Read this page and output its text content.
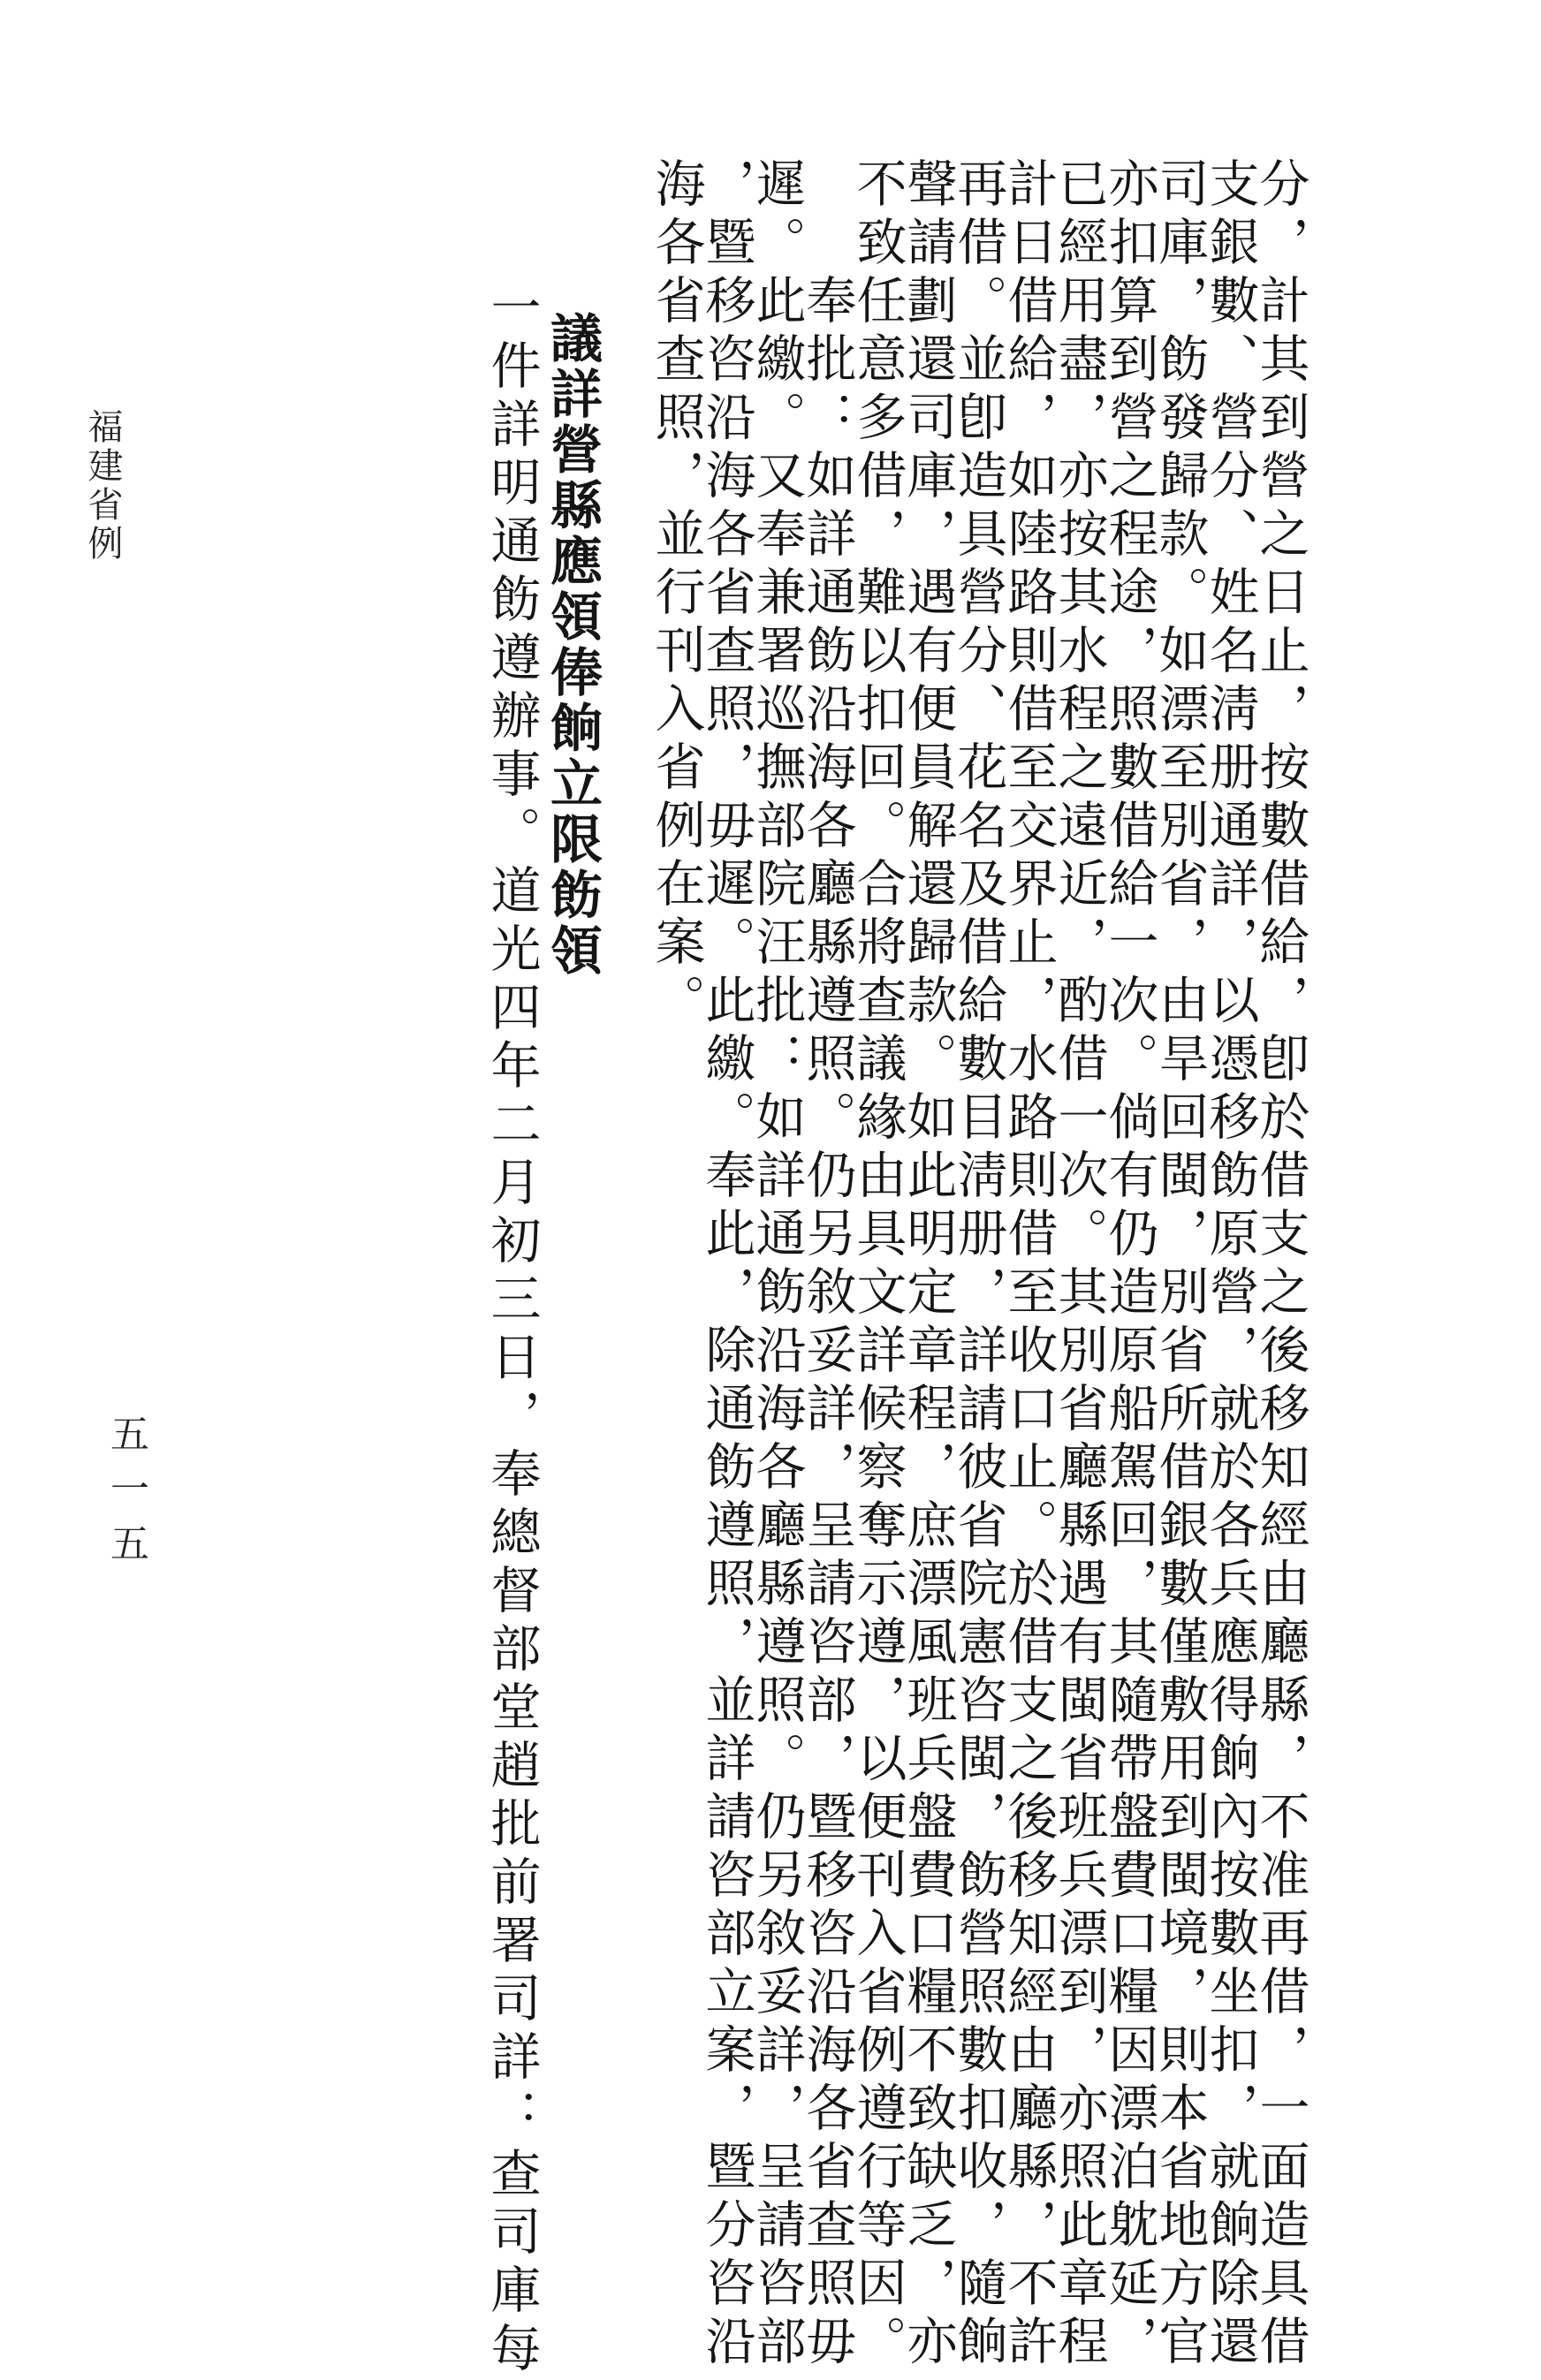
分，計其到營之日止，按數借給，卽於借支之後移知經由廳縣，不准再借，一面造具借
支銀數、營分、姓名淸册通詳，以憑移飭原營，就於各兵應得餉內按數坐扣，就餉除還
司庫，飭發歸款。如漂至別省，由旱回閩，別省所借銀數僅敷用到閩境，則本省地方官
亦扣算到營之程途，照數借給一次。倘有仍造原船駕回，其隨帶盤費口糧因漂泊躭延，
已經用盡，亦按其水程之遠近，酌借一次。其別省廳縣遇有閩省班兵漂到，亦照此章程
計日借給，如陸路則借至交界止，水路則借至收口止。於借支之後移知經由廳縣，不許
再借。並卽造具營分、花名及借給數目淸册，詳請彼省院憲咨閩，飭營照數扣收，隨餉
聲請劃還司庫，遇有便員解還歸款。如此明定章程，庶漂風班兵盤費口糧不致缺乏，亦
不致任意多借，難以扣回。合將查議緣由具文詳候察奪示遵，以便刊入省例遵行等因。
奉批：如詳通飭沿海各廳縣遵照。仍另敘妥詳，呈請咨部，暨移咨沿海各省查照毋
遲。此繳。又奉兼署巡撫部院汪批：如詳通飭沿海各廳縣遵照。仍另敘妥詳，呈請咨部
，暨移咨沿海各省查照，毋遲。此繳。奉此，除通飭遵照，並詳請咨部立案，暨分咨沿
海各省查照，並行刊入省例在案。
議詳營縣應領俸餉立限飭領
一件詳明通飭遵辦事。道光四年二月初三日，奉總督部堂趙批前署司詳：查司庫每
福建省例
五一五
